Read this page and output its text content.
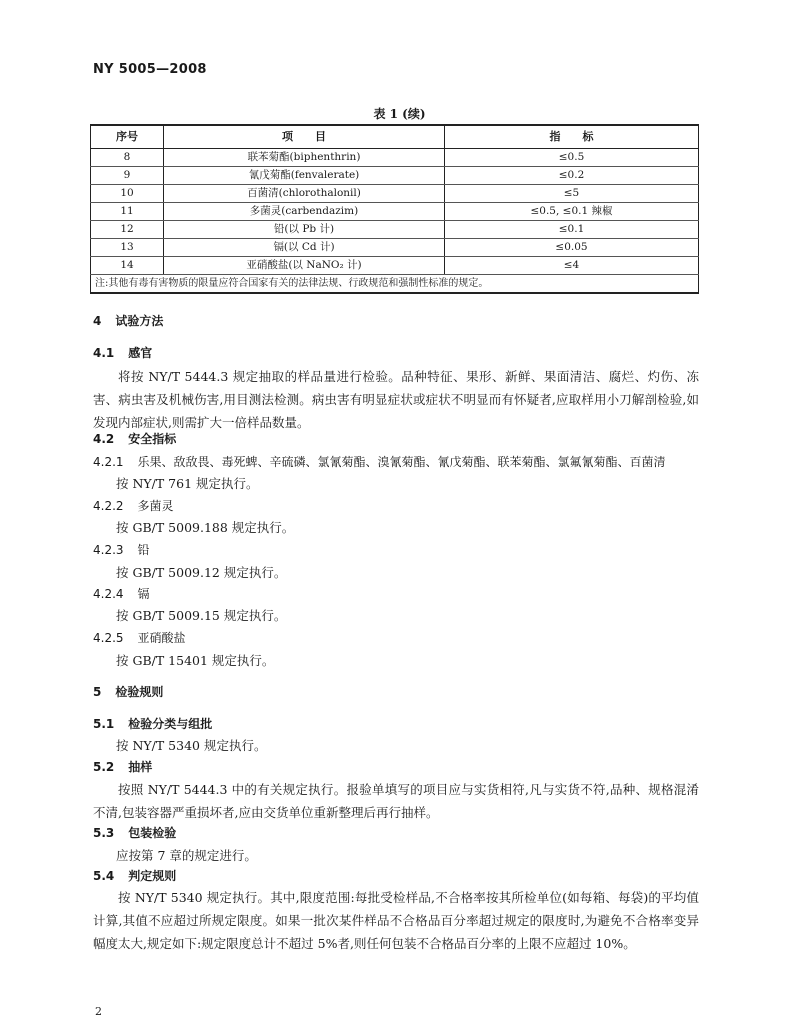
NY 5005—2008
表 1 (续)
序号	项　　目	指　　标
8	联苯菊酯(biphenthrin)	≤0.5
9	氰戊菊酯(fenvalerate)	≤0.2
10	百菌清(chlorothalonil)	≤5
11	多菌灵(carbendazim)	≤0.5, ≤0.1 辣椒
12	铅(以 Pb 计)	≤0.1
13	镉(以 Cd 计)	≤0.05
14	亚硝酸盐(以 NaNO₂ 计)	≤4
注:其他有毒有害物质的限量应符合国家有关的法律法规、行政规范和强制性标准的规定。		
4 试验方法
4.1 感官
将按 NY/T 5444.3 规定抽取的样品量进行检验。品种特征、果形、新鲜、果面清洁、腐烂、灼伤、冻害、病虫害及机械伤害,用目测法检测。病虫害有明显症状或症状不明显而有怀疑者,应取样用小刀解剖检验,如发现内部症状,则需扩大一倍样品数量。
4.2 安全指标
4.2.1 乐果、敌敌畏、毒死蜱、辛硫磷、氯氰菊酯、溴氰菊酯、氰戊菊酯、联苯菊酯、氯氟氰菊酯、百菌清
按 NY/T 761 规定执行。
4.2.2 多菌灵
按 GB/T 5009.188 规定执行。
4.2.3 铅
按 GB/T 5009.12 规定执行。
4.2.4 镉
按 GB/T 5009.15 规定执行。
4.2.5 亚硝酸盐
按 GB/T 15401 规定执行。
5 检验规则
5.1 检验分类与组批
按 NY/T 5340 规定执行。
5.2 抽样
按照 NY/T 5444.3 中的有关规定执行。报验单填写的项目应与实货相符,凡与实货不符,品种、规格混淆不清,包装容器严重损坏者,应由交货单位重新整理后再行抽样。
5.3 包装检验
应按第 7 章的规定进行。
5.4 判定规则
按 NY/T 5340 规定执行。其中,限度范围:每批受检样品,不合格率按其所检单位(如每箱、每袋)的平均值计算,其值不应超过所规定限度。如果一批次某件样品不合格品百分率超过规定的限度时,为避免不合格率变异幅度太大,规定如下:规定限度总计不超过 5%者,则任何包装不合格品百分率的上限不应超过 10%。
2
